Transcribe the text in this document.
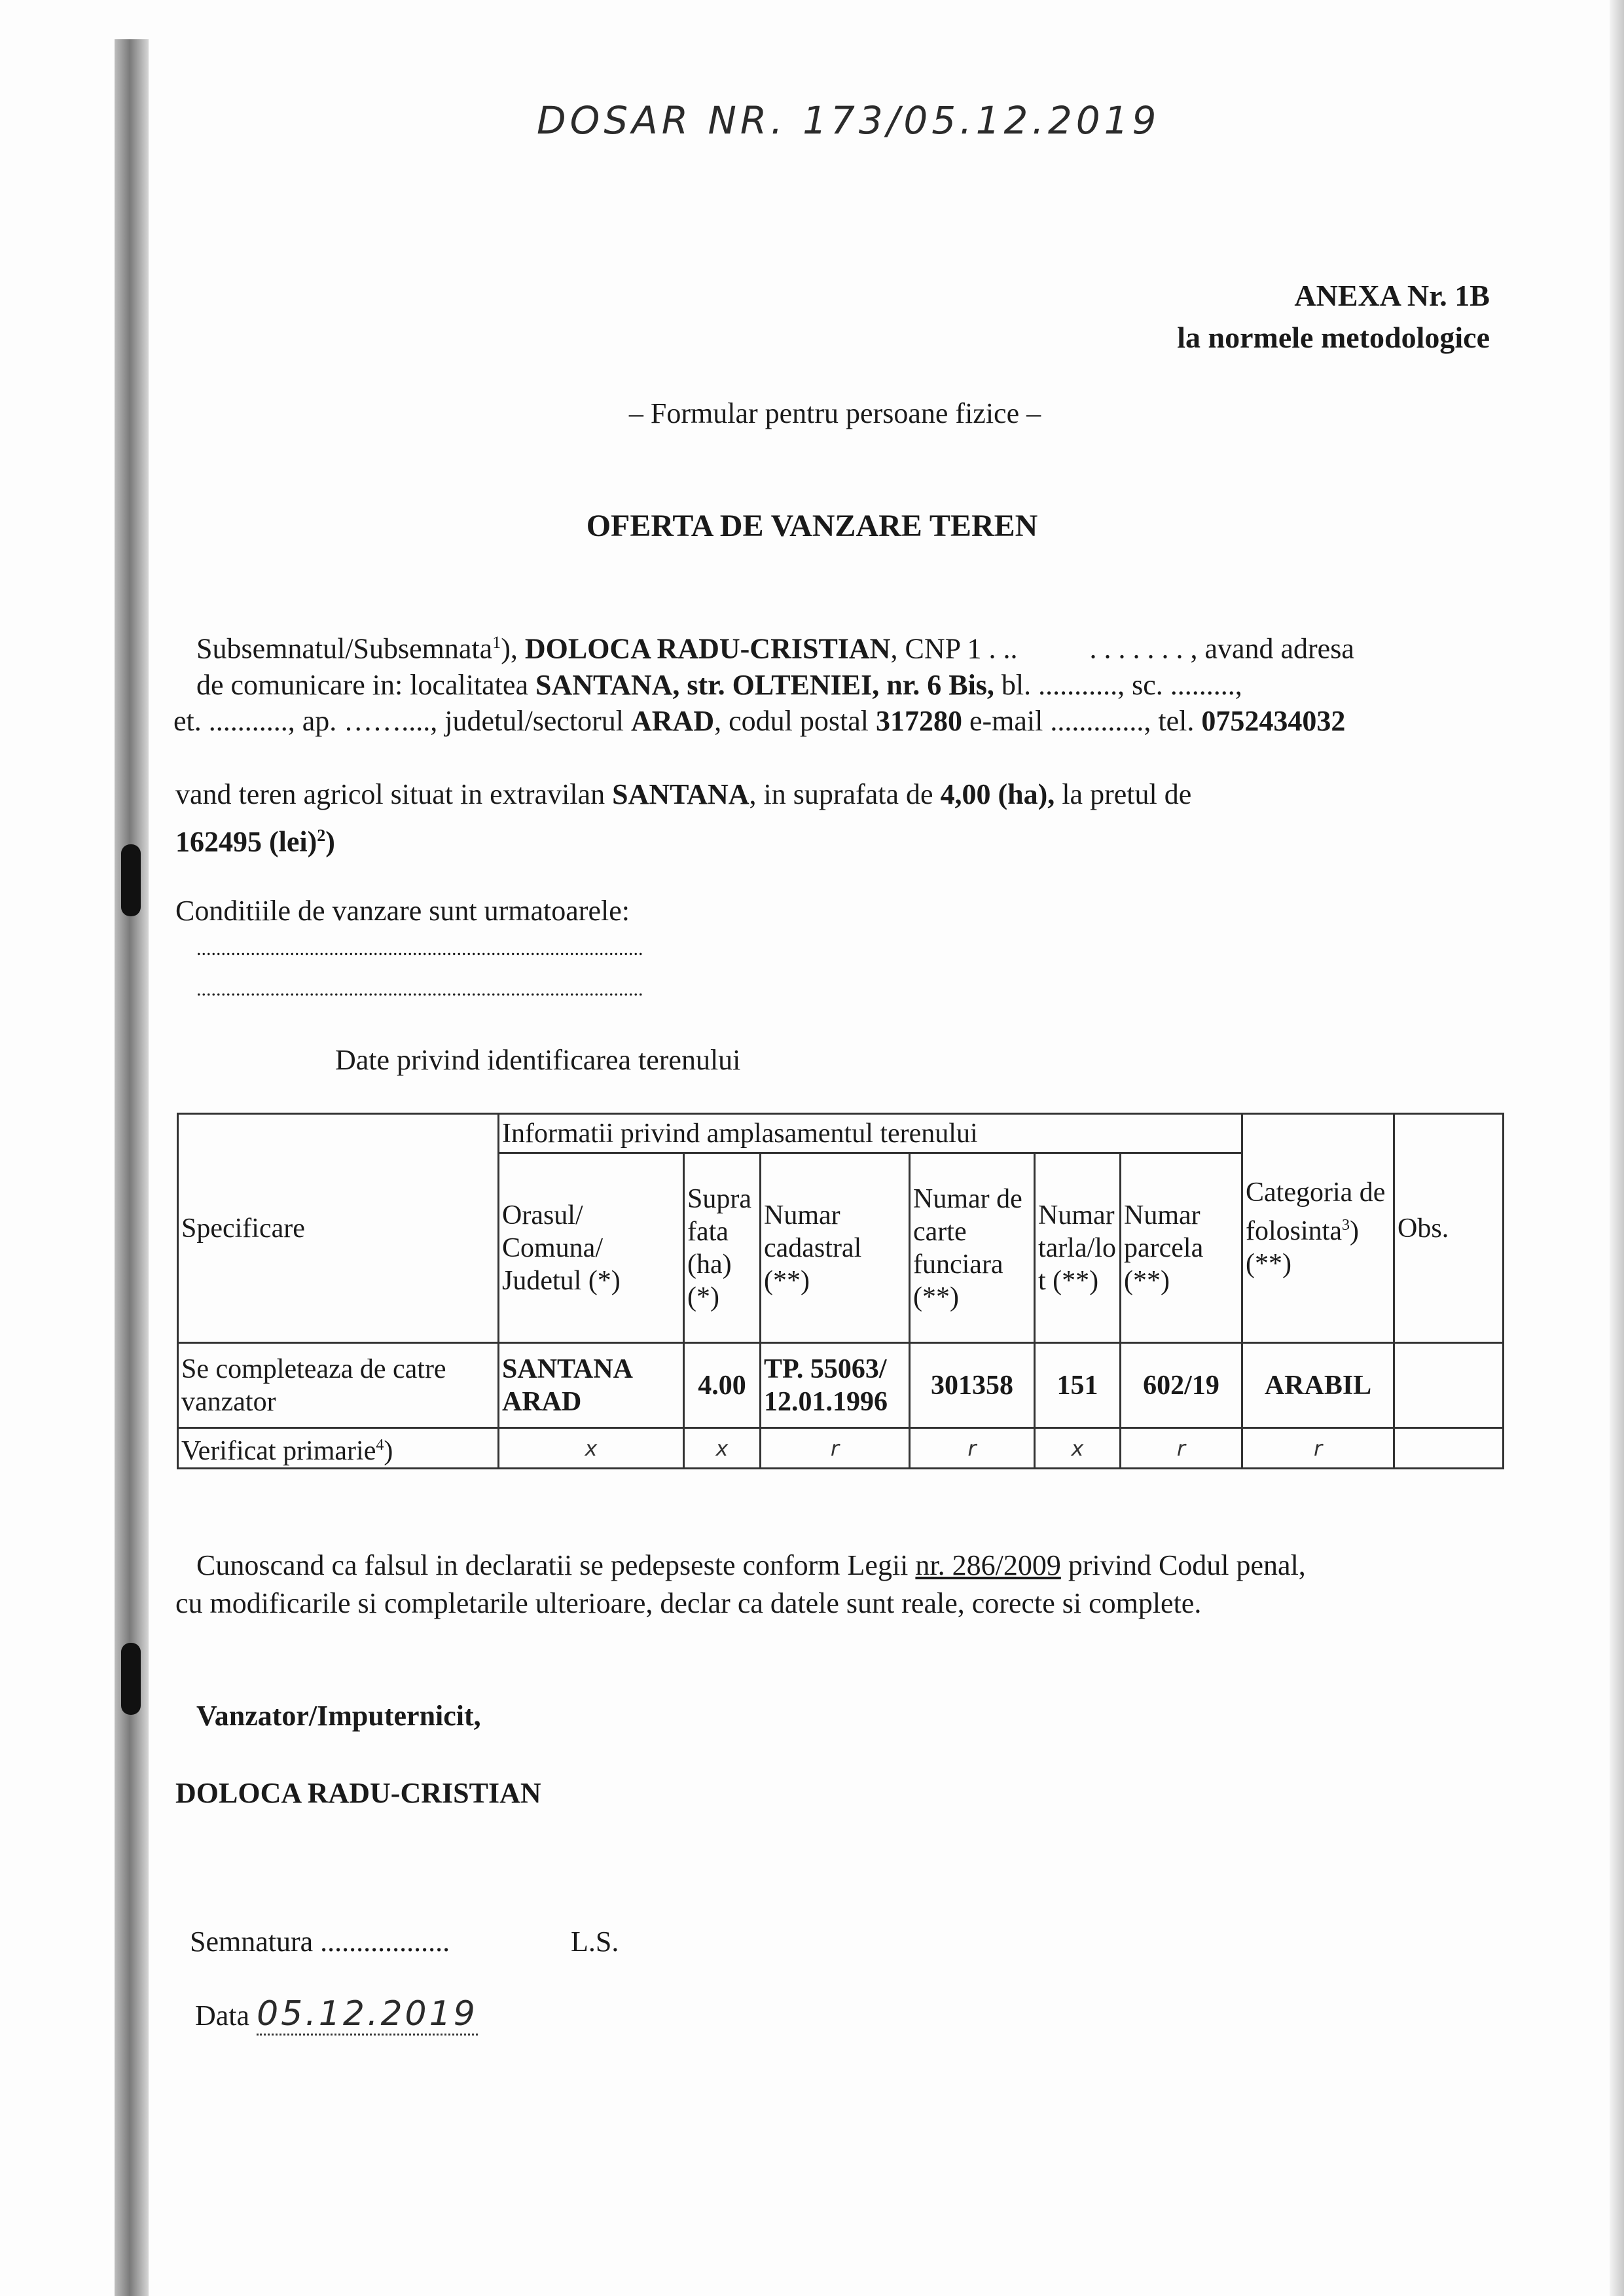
DOSAR NR. 173/05.12.2019
ANEXA Nr. 1B
la normele metodologice
– Formular pentru persoane fizice –
OFERTA DE VANZARE TEREN
Subsemnatul/Subsemnata$^1$), DOLOCA RADU-CRISTIAN, CNP 1 . ..          . . . . . . . , avand adresa
de comunicare in: localitatea SANTANA, str. OLTENIEI, nr. 6 Bis, bl. ..........., sc. .........,
et. ..........., ap. ……...., judetul/sectorul ARAD, codul postal 317280 e-mail ............., tel. 0752434032
vand teren agricol situat in extravilan SANTANA, in suprafata de 4,00 (ha), la pretul de
162495 (lei)$^2$)
Conditiile de vanzare sunt urmatoarele:
...........................................................................................
...........................................................................................
Date privind identificarea terenului
Specificare	Informatii privind amplasamentul terenului						Categoria de folosinta$^3$) (**)	Obs.
	Orasul/ Comuna/ Judetul (*)	Suprafata (ha) (*)	Numar cadastral (**)	Numar de carte funciara (**)	Numar tarla/lot (**)	Numar parcela (**)		
Se completeaza de catre vanzator	SANTANA ARAD	4.00	TP. 55063/ 12.01.1996	301358	151	602/19	ARABIL	
Verificat primarie$^4$)	x	x	r	r	x	r	r	
Cunoscand ca falsul in declaratii se pedepseste conform Legii nr. 286/2009 privind Codul penal,
cu modificarile si completarile ulterioare, declar ca datele sunt reale, corecte si complete.
Vanzator/Imputernicit,
DOLOCA RADU-CRISTIAN
Semnatura ..................	L.S.
Data 05.12.2019
